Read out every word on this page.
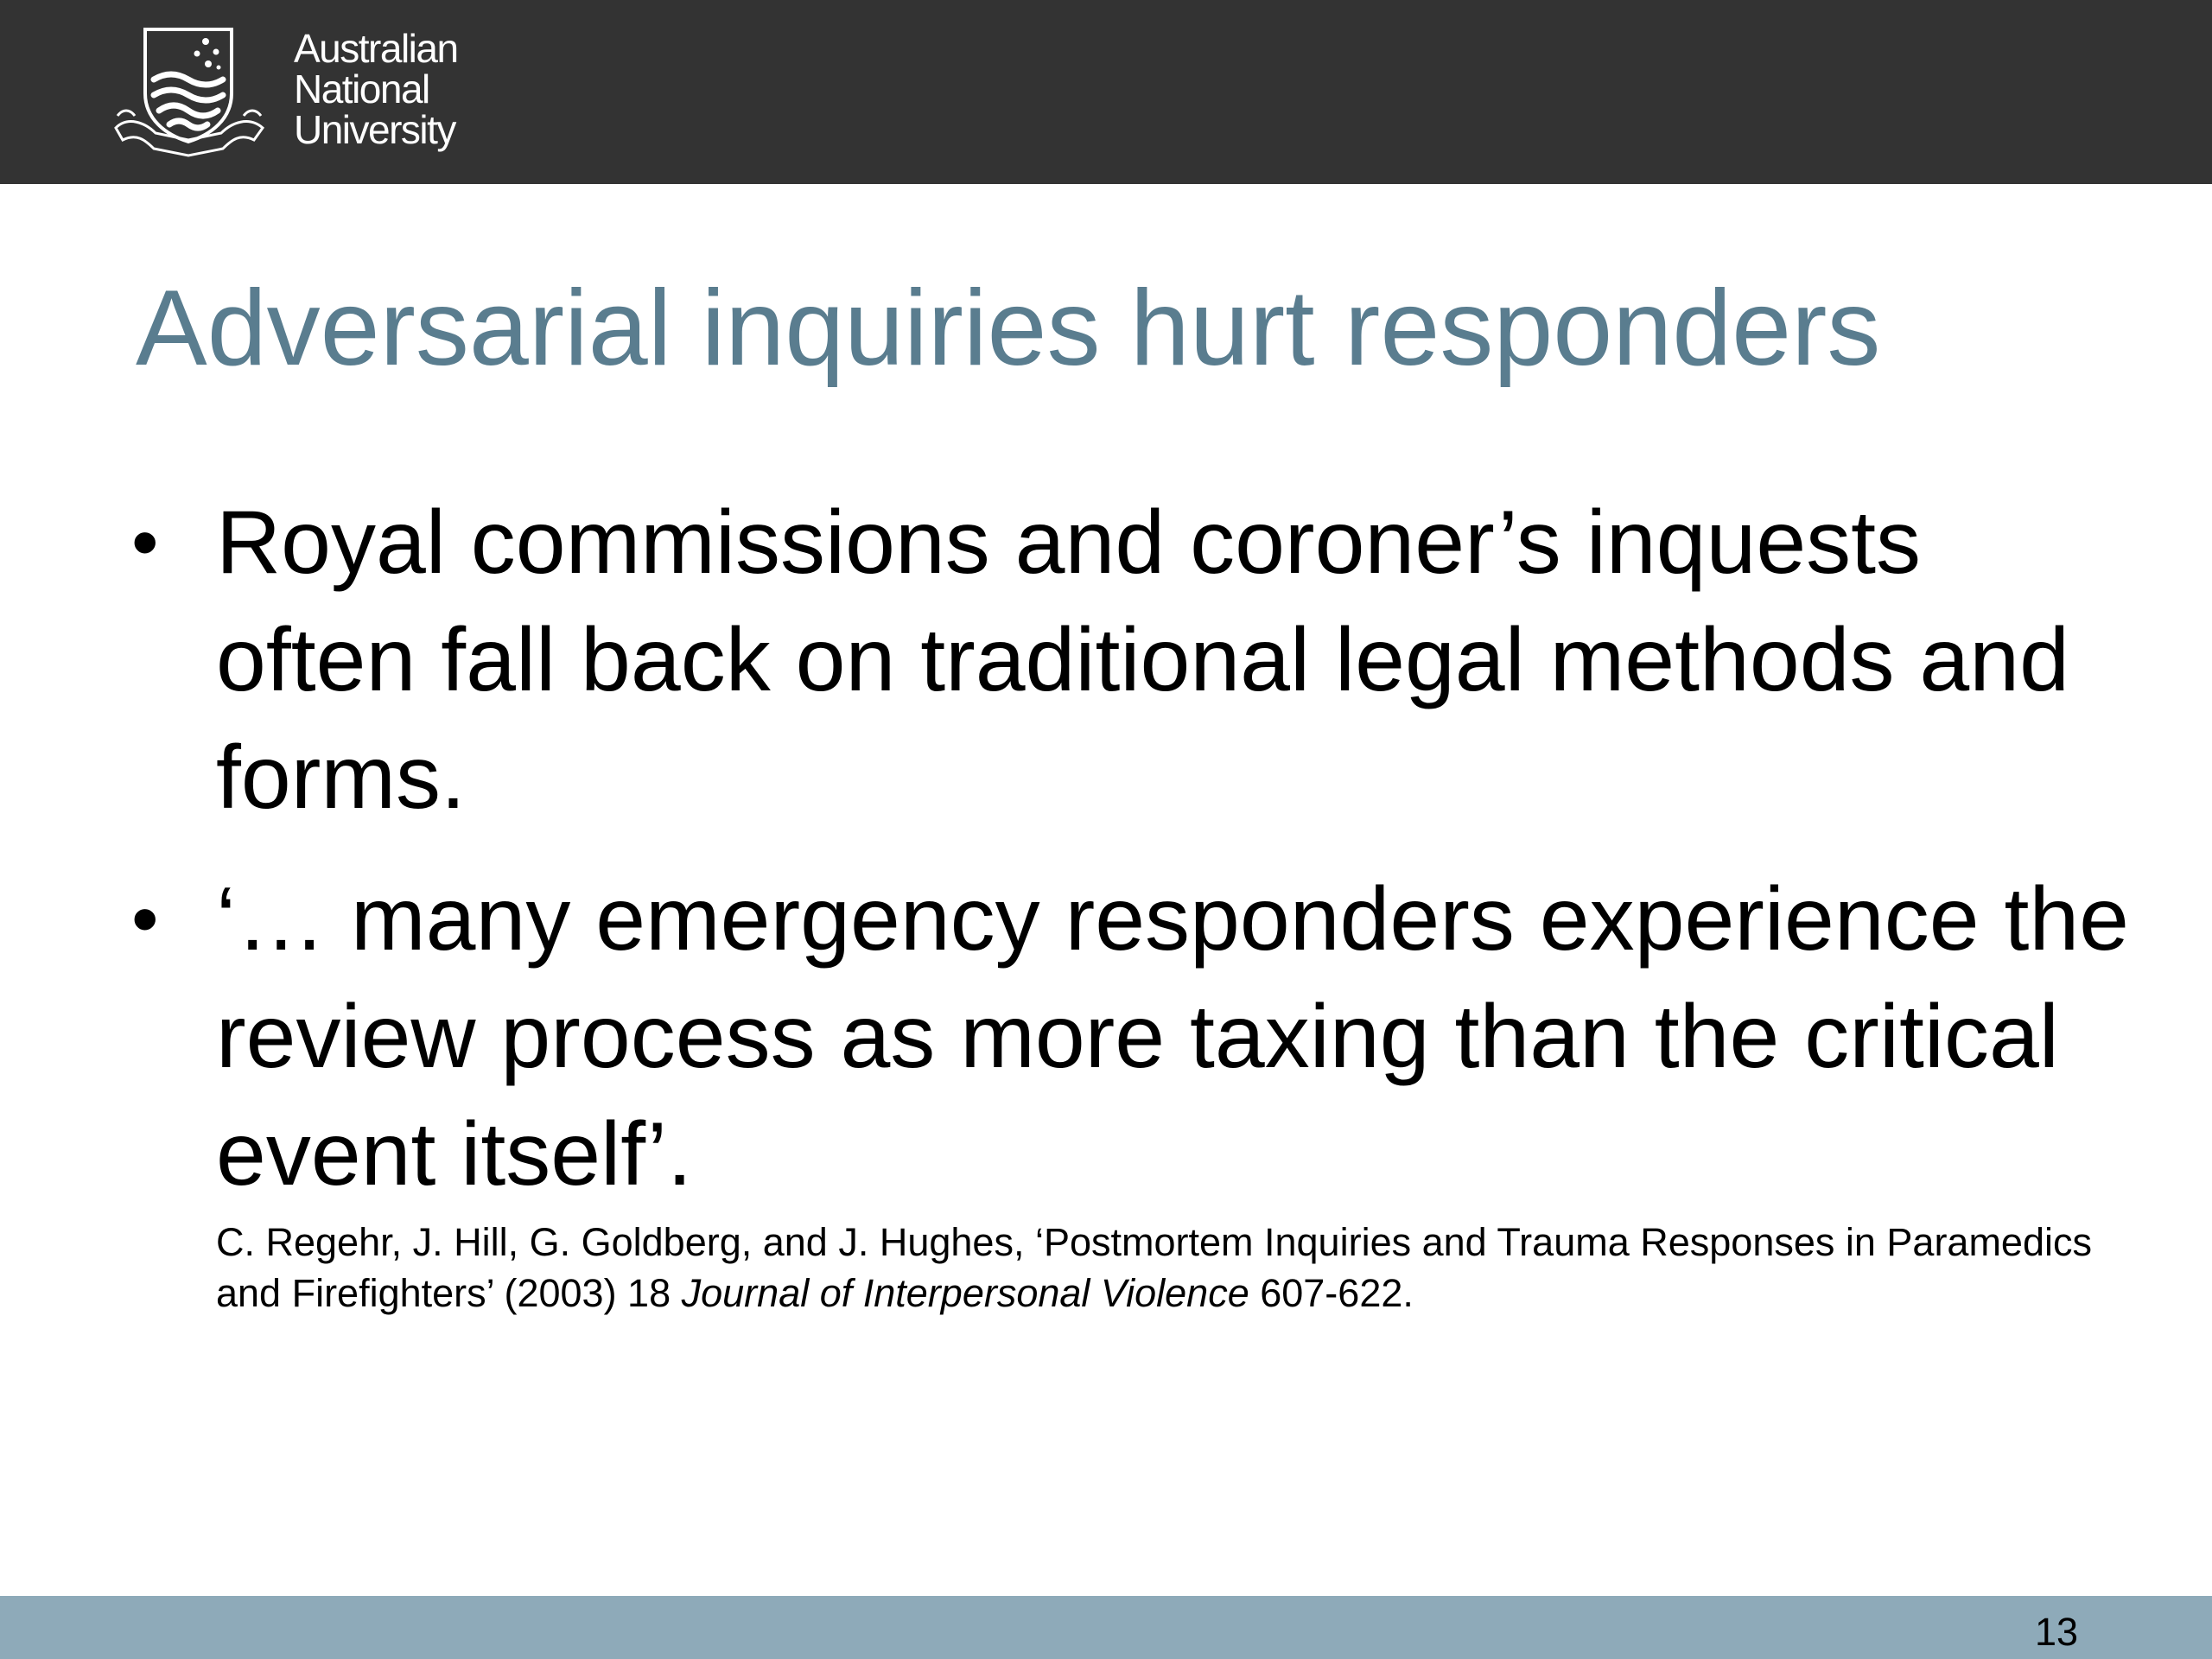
Australian
National
University
Adversarial inquiries hurt responders
• Royal commissions and coroner’s inquests often fall back on traditional legal methods and forms.
• ‘… many emergency responders experience the review process as more taxing than the critical event itself’.
C. Regehr, J. Hill, G. Goldberg, and J. Hughes, ‘Postmortem Inquiries and Trauma Responses in Paramedics and Firefighters’ (2003) 18 Journal of Interpersonal Violence 607-622.
13
